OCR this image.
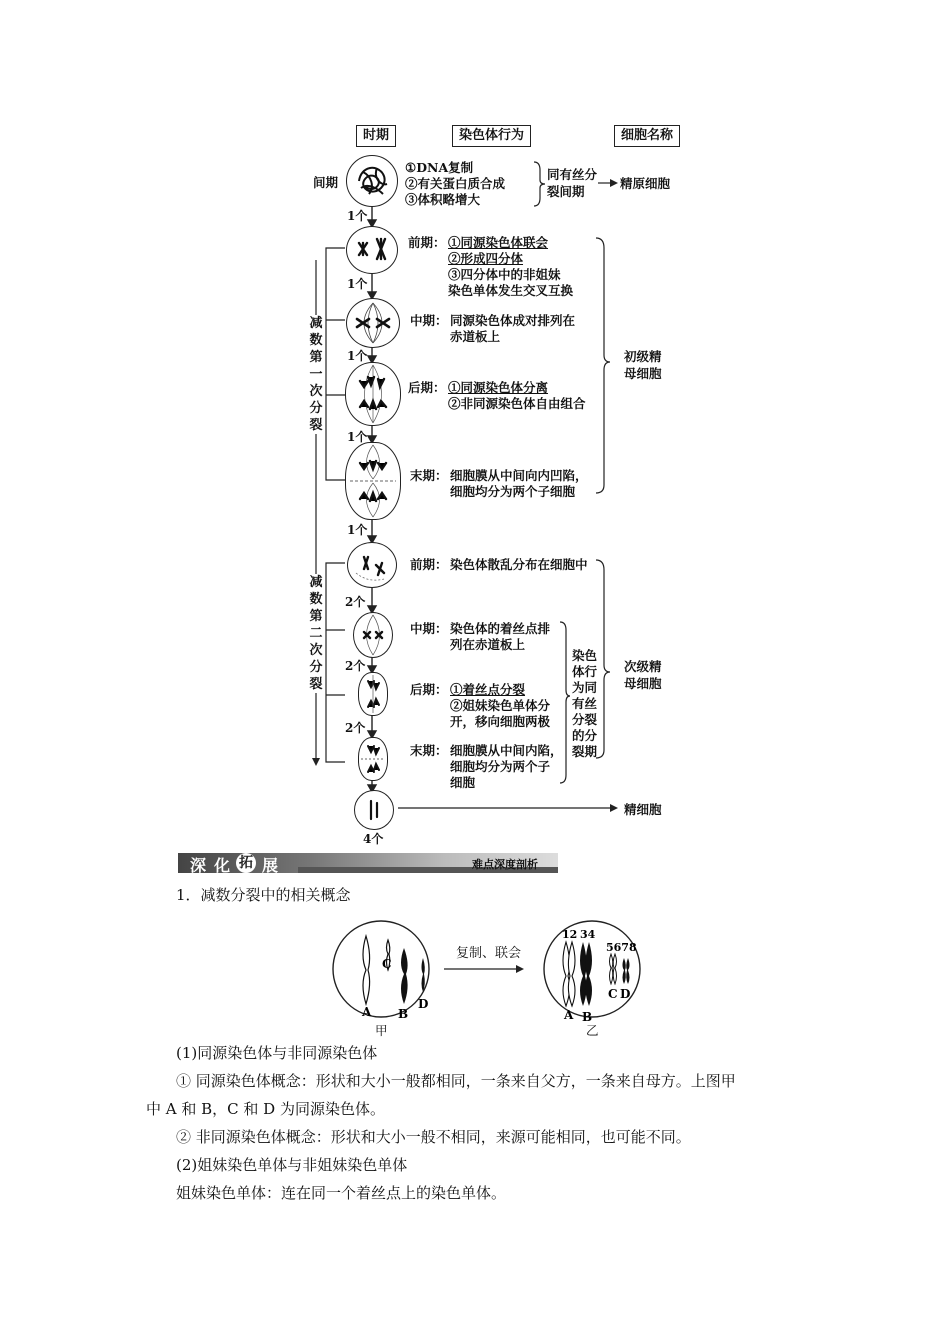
时期	染色体行为	细胞名称
间期
①DNA复制
②有关蛋白质合成
③体积略增大
同有丝分
裂间期
精原细胞
1个
1个
1个
1个
1个
2个
2个
2个
4个
减数第一次分裂
前期： ①同源染色体联会
②形成四分体
③四分体中的非姐妹
染色单体发生交叉互换
中期： 同源染色体成对排列在
赤道板上
后期： ①同源染色体分离
②非同源染色体自由组合
末期： 细胞膜从中间向内凹陷，
细胞均分为两个子细胞
初级精
母细胞
减数第二次分裂
前期： 染色体散乱分布在细胞中
中期： 染色体的着丝点排
列在赤道板上
后期： ①着丝点分裂
②姐妹染色单体分
开，移向细胞两极
末期： 细胞膜从中间内陷，
细胞均分为两个子
细胞
染色
体行
为同
有丝
分裂
的分
裂期
次级精
母细胞
精细胞
深 化 拓 展	难点深度剖析
1．减数分裂中的相关概念
A
C
B
D
12 34
5678
A B
C D
复制、联会
甲	乙
(1)同源染色体与非同源染色体
① 同源染色体概念：形状和大小一般都相同，一条来自父方，一条来自母方。上图甲
中 A 和 B，C 和 D 为同源染色体。
② 非同源染色体概念：形状和大小一般不相同，来源可能相同，也可能不同。
(2)姐妹染色单体与非姐妹染色单体
姐妹染色单体：连在同一个着丝点上的染色单体。
